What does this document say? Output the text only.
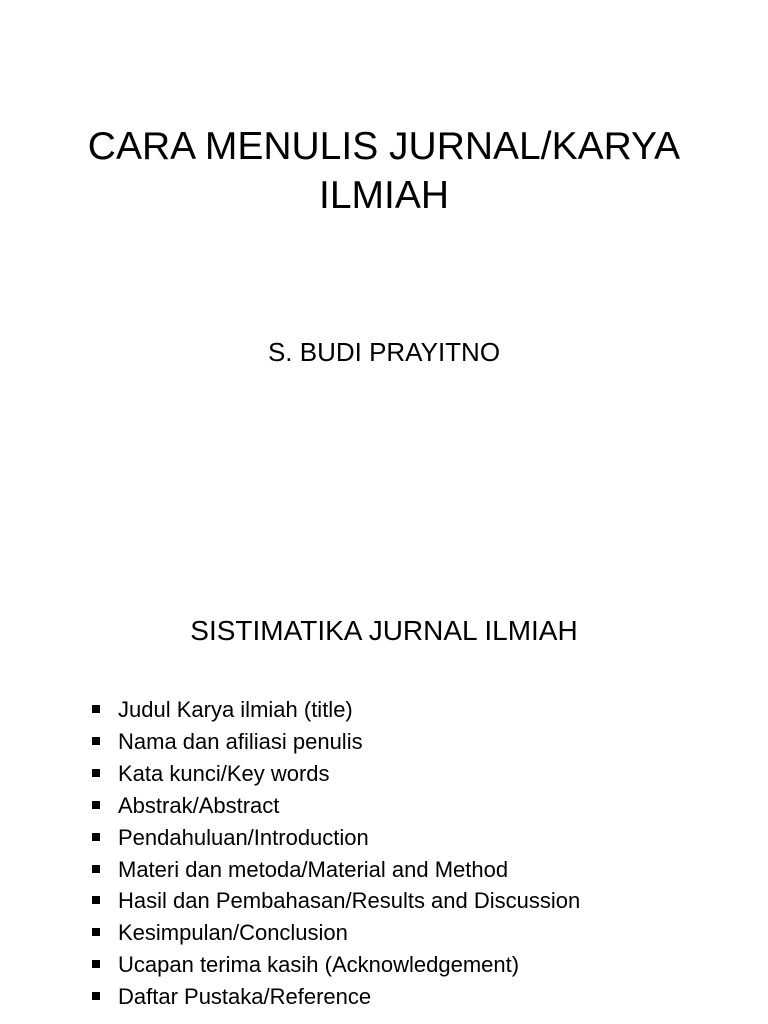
CARA MENULIS JURNAL/KARYA
ILMIAH

S. BUDI PRAYITNO

SISTIMATIKA JURNAL ILMIAH
Judul Karya ilmiah (title)
Nama dan afiliasi penulis
Kata kunci/Key words
Abstrak/Abstract
Pendahuluan/Introduction
Materi dan metoda/Material and Method
Hasil dan Pembahasan/Results and Discussion
Kesimpulan/Conclusion
Ucapan terima kasih (Acknowledgement)
Daftar Pustaka/Reference
